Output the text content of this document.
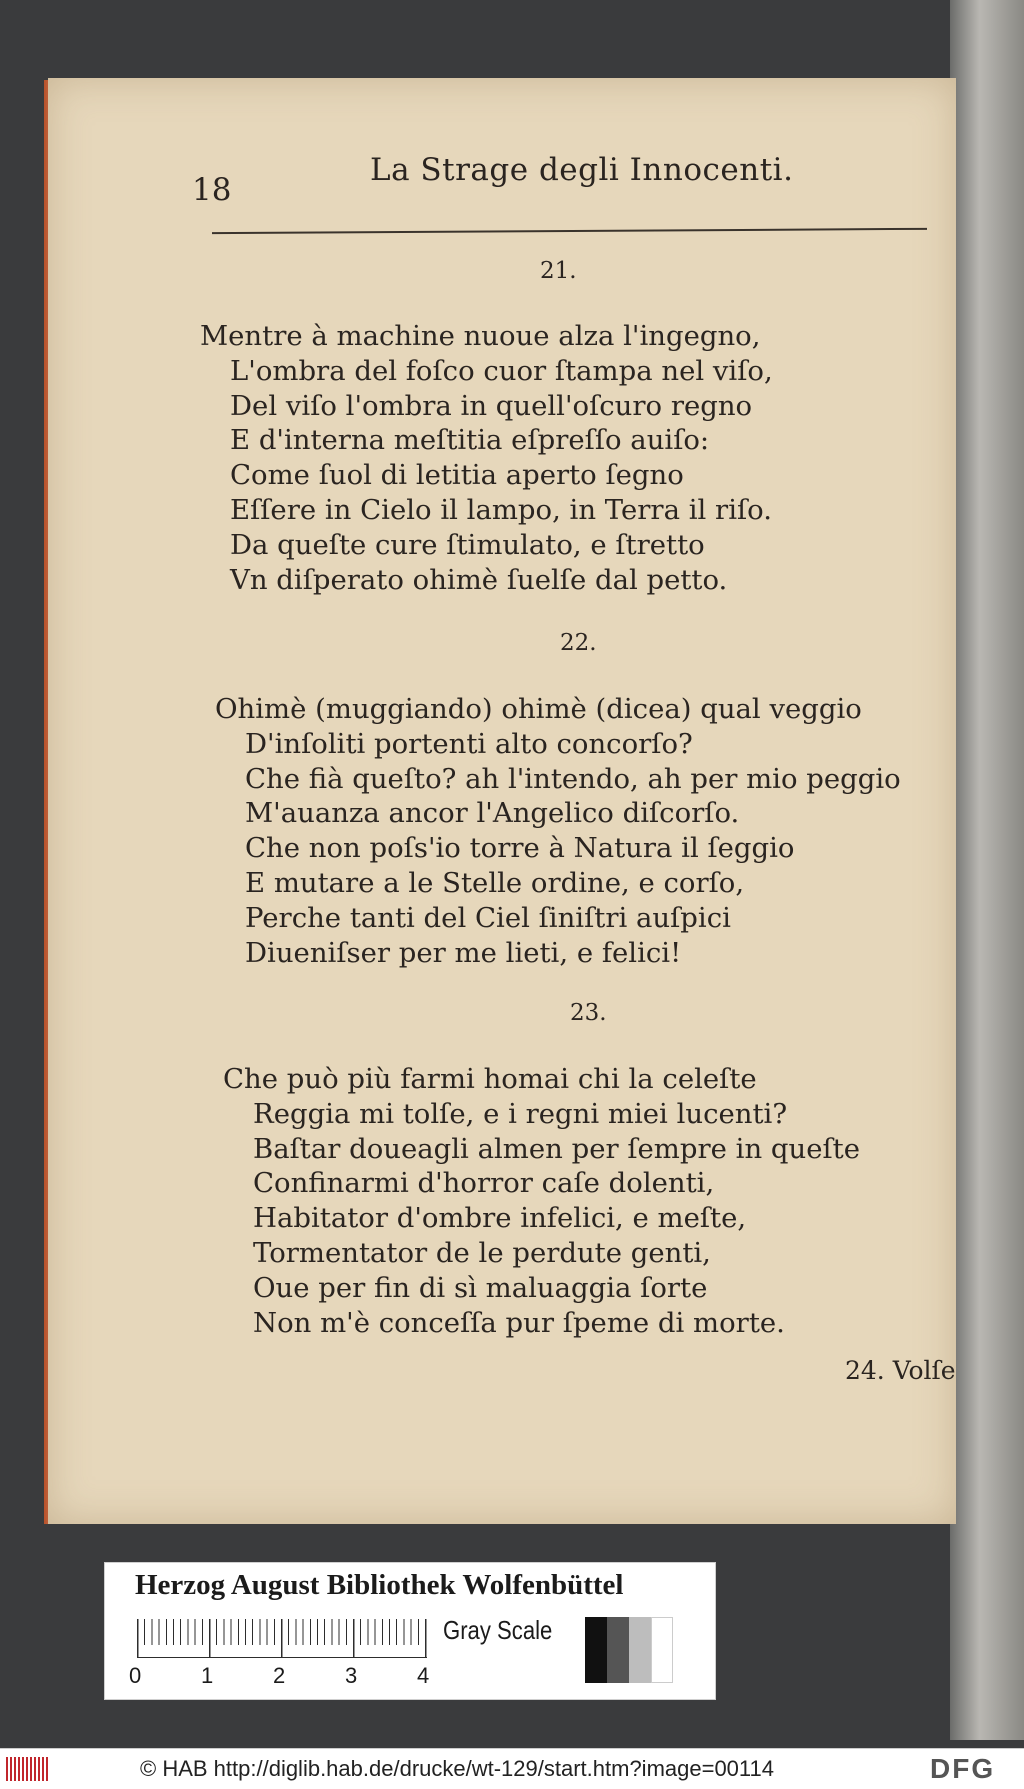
18

La Strage degli Innocenti.

21.

Mentre à machine nuoue alza l'ingegno,
L'ombra del foſco cuor ſtampa nel viſo,
Del viſo l'ombra in quell'oſcuro regno
E d'interna meſtitia eſpreſſo auiſo:
Come ſuol di letitia aperto ſegno
Eſſere in Cielo il lampo, in Terra il riſo.
Da queſte cure ſtimulato, e ſtretto
Vn diſperato ohimè ſuelſe dal petto.

22.

Ohimè (muggiando) ohimè (dicea) qual veggio
D'inſoliti portenti alto concorſo?
Che fià queſto? ah l'intendo, ah per mio peggio
M'auanza ancor l'Angelico diſcorſo.
Che non poſs'io torre à Natura il ſeggio
E mutare a le Stelle ordine, e corſo,
Perche tanti del Ciel ſiniſtri auſpici
Diueniſser per me lieti, e felici!

23.

Che può più farmi homai chi la celeſte
Reggia mi tolſe, e i regni miei lucenti?
Baſtar doueagli almen per ſempre in queſte
Confinarmi d'horror caſe dolenti,
Habitator d'ombre infelici, e meſte,
Tormentator de le perdute genti,
Oue per fin di sì maluaggia ſorte
Non m'è conceſſa pur ſpeme di morte.

24. Volſe

Herzog August Bibliothek Wolfenbüttel

0	1	2	3	4

Gray Scale

© HAB http://diglib.hab.de/drucke/wt-129/start.htm?image=00114	DFG
